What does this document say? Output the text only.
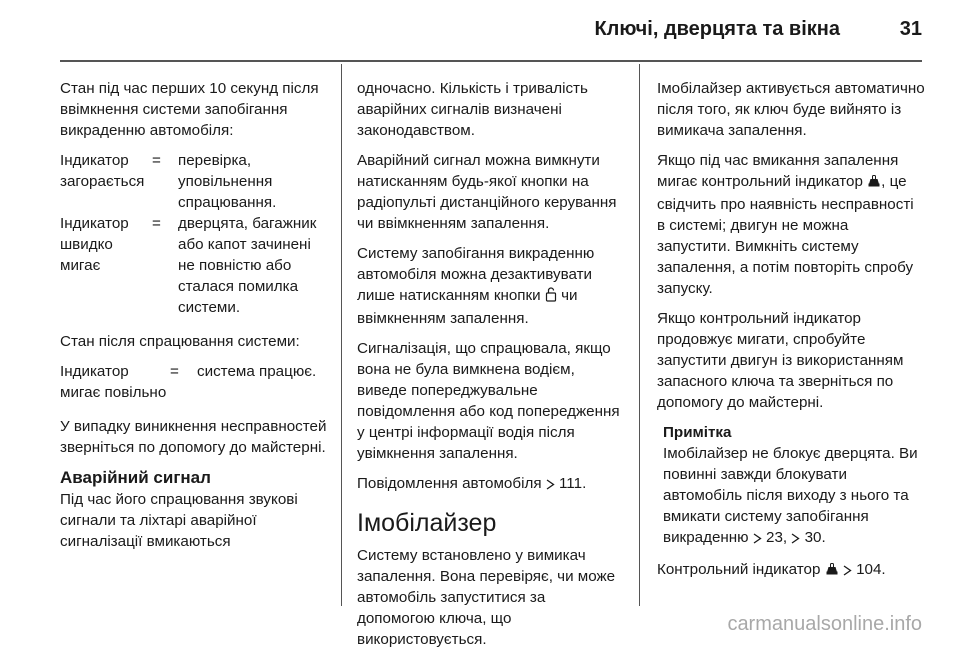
Ключі, дверцята та вікна	31

Стан під час перших 10 секунд після ввімкнення системи запобігання викраденню автомобіля:

Індикатор загорається
=	перевірка, уповільнення спрацювання.
Індикатор швидко мигає
=	дверцята, багажник або капот зачинені не повністю або сталася помилка системи.

Стан після спрацювання системи:

Індикатор мигає повільно
=	система працює.

У випадку виникнення несправностей зверніться по допомогу до майстерні.

Аварійний сигнал

Під час його спрацювання звукові сигнали та ліхтарі аварійної сигналізації вмикаються

одночасно. Кількість і тривалість аварійних сигналів визначені законодавством.

Аварійний сигнал можна вимкнути натисканням будь-якої кнопки на радіопульті дистанційного керування чи ввімкненням запалення.

Систему запобігання викраденню автомобіля можна дезактивувати лише натисканням кнопки  чи ввімкненням запалення.

Сигналізація, що спрацювала, якщо вона не була вимкнена водієм, виведе попереджувальне повідомлення або код попередження у центрі інформації водія після увімкнення запалення.

Повідомлення автомобіля  111.

Імобілайзер

Систему встановлено у вимикач запалення. Вона перевіряє, чи може автомобіль запуститися за допомогою ключа, що використовується.

Імобілайзер активується автоматично після того, як ключ буде вийнято із вимикача запалення.

Якщо під час вмикання запалення мигає контрольний індикатор , це свідчить про наявність несправності в системі; двигун не можна запустити. Вимкніть систему запалення, а потім повторіть спробу запуску.

Якщо контрольний індикатор продовжує мигати, спробуйте запустити двигун із використанням запасного ключа та зверніться по допомогу до майстерні.

Примітка
Імобілайзер не блокує дверцята. Ви повинні завжди блокувати автомобіль після виходу з нього та вмикати систему запобігання викраденню  23,  30.

Контрольний індикатор   104.

carmanualsonline.info
